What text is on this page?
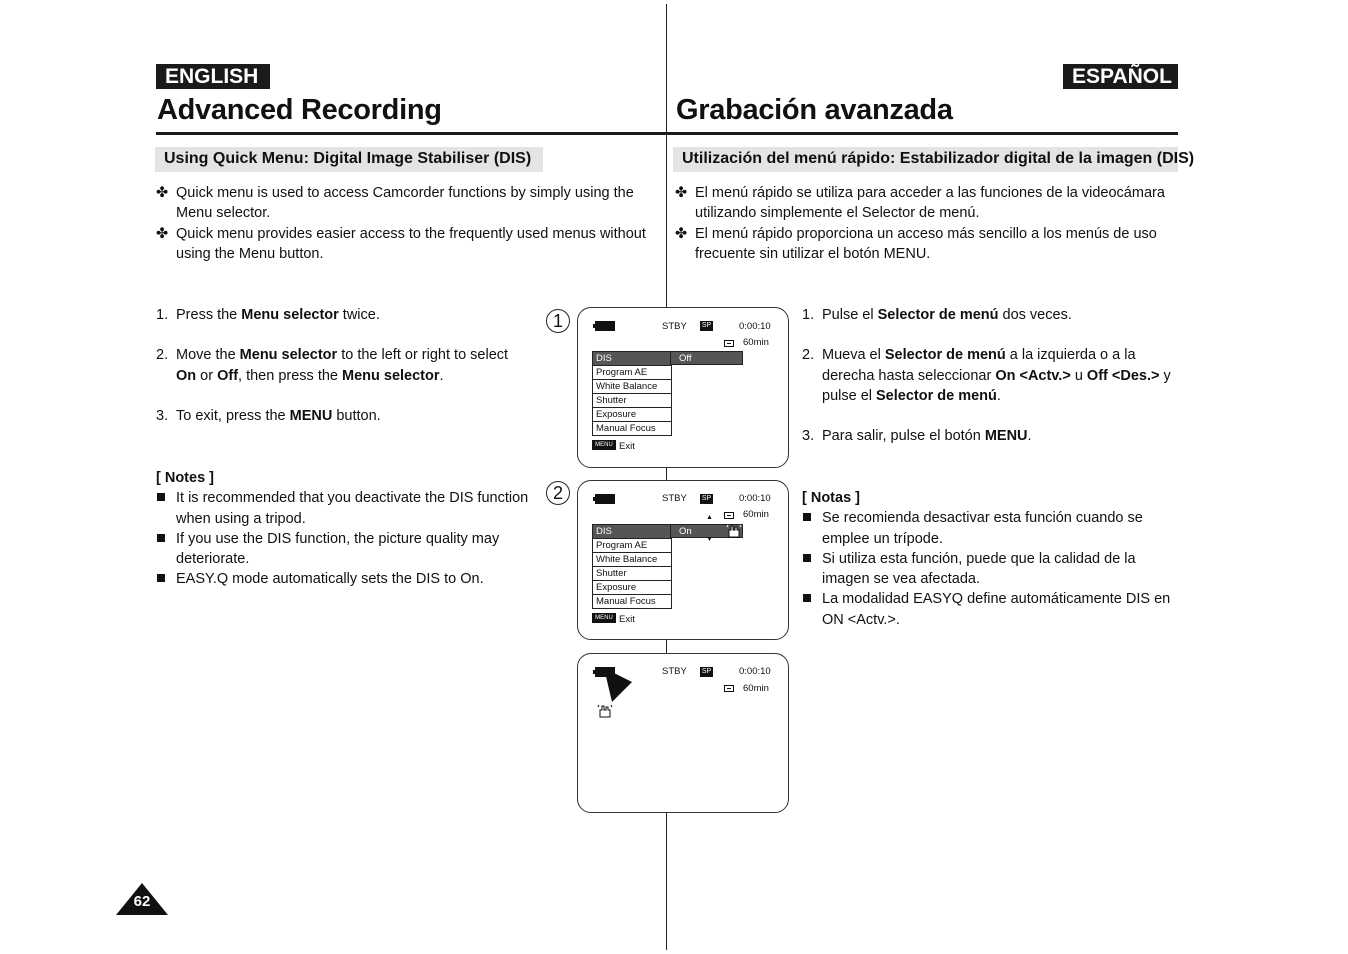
ENGLISH
Advanced Recording
Using Quick Menu: Digital Image Stabiliser (DIS)
✤ Quick menu is used to access Camcorder functions by simply using the Menu selector.
✤ Quick menu provides easier access to the frequently used menus without using the Menu button.
1. Press the Menu selector twice.
2. Move the Menu selector to the left or right to select On or Off, then press the Menu selector.
3. To exit, press the MENU button.
[ Notes ]
It is recommended that you deactivate the DIS function when using a tripod.
If you use the DIS function, the picture quality may deteriorate.
EASY.Q mode automatically sets the DIS to On.
ESPAÑOL
Grabación avanzada
Utilización del menú rápido: Estabilizador digital de la imagen (DIS)
✤ El menú rápido se utiliza para acceder a las funciones de la videocámara utilizando simplemente el Selector de menú.
✤ El menú rápido proporciona un acceso más sencillo a los menús de uso frecuente sin utilizar el botón MENU.
1. Pulse el Selector de menú dos veces.
2. Mueva el Selector de menú a la izquierda o a la derecha hasta seleccionar On <Actv.> u Off <Des.> y pulse el Selector de menú.
3. Para salir, pulse el botón MENU.
[ Notas ]
Se recomienda desactivar esta función cuando se emplee un trípode.
Si utiliza esta función, puede que la calidad de la imagen se vea afectada.
La modalidad EASYQ define automáticamente DIS en ON <Actv.>.
1
2
STBY SP	0:00:10
60min
DIS
Program AE
White Balance
Shutter
Exposure
Manual Focus
Off
MENU Exit
STBY SP	0:00:10
60min
DIS
Program AE
White Balance
Shutter
Exposure
Manual Focus
On
▲
▼
MENU Exit
STBY SP	0:00:10
60min
62
